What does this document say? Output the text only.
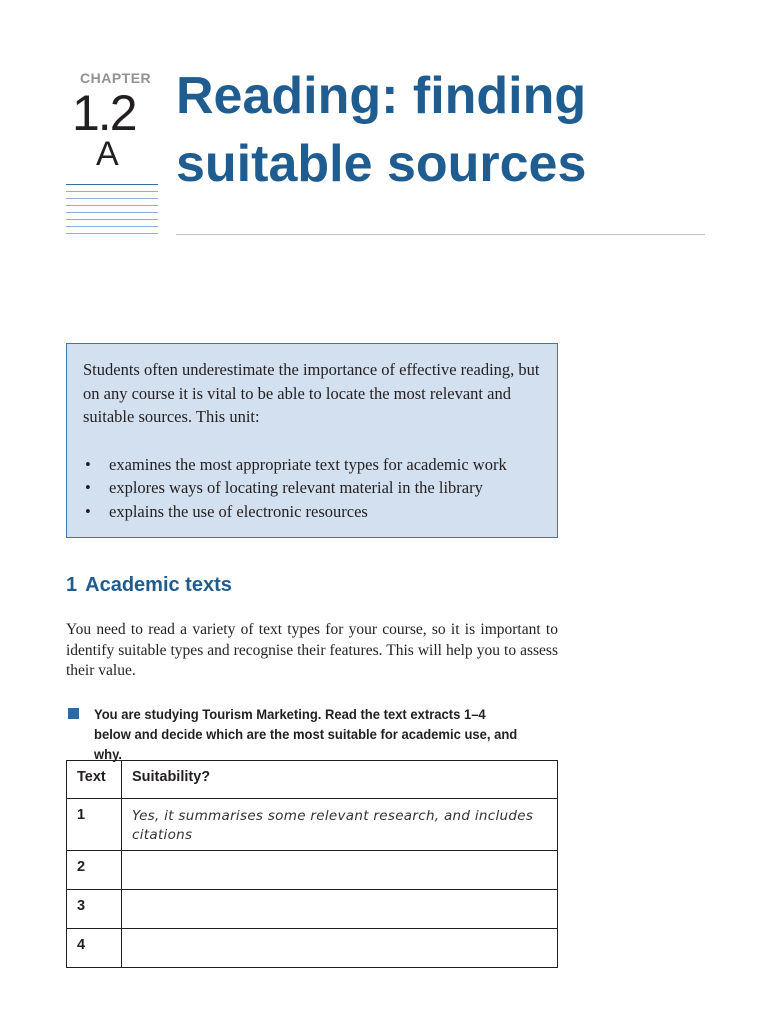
CHAPTER
1.2
A
Reading: finding
suitable sources

Students often underestimate the importance of effective reading, but on any course it is vital to be able to locate the most relevant and suitable sources. This unit:

• examines the most appropriate text types for academic work
• explores ways of locating relevant material in the library
• explains the use of electronic resources
1 Academic texts

You need to read a variety of text types for your course, so it is important to identify suitable types and recognise their features. This will help you to assess their value.

You are studying Tourism Marketing. Read the text extracts 1–4 below and decide which are the most suitable for academic use, and why.

Text	Suitability?
1	Yes, it summarises some relevant research, and includes citations
2	
3	
4	
